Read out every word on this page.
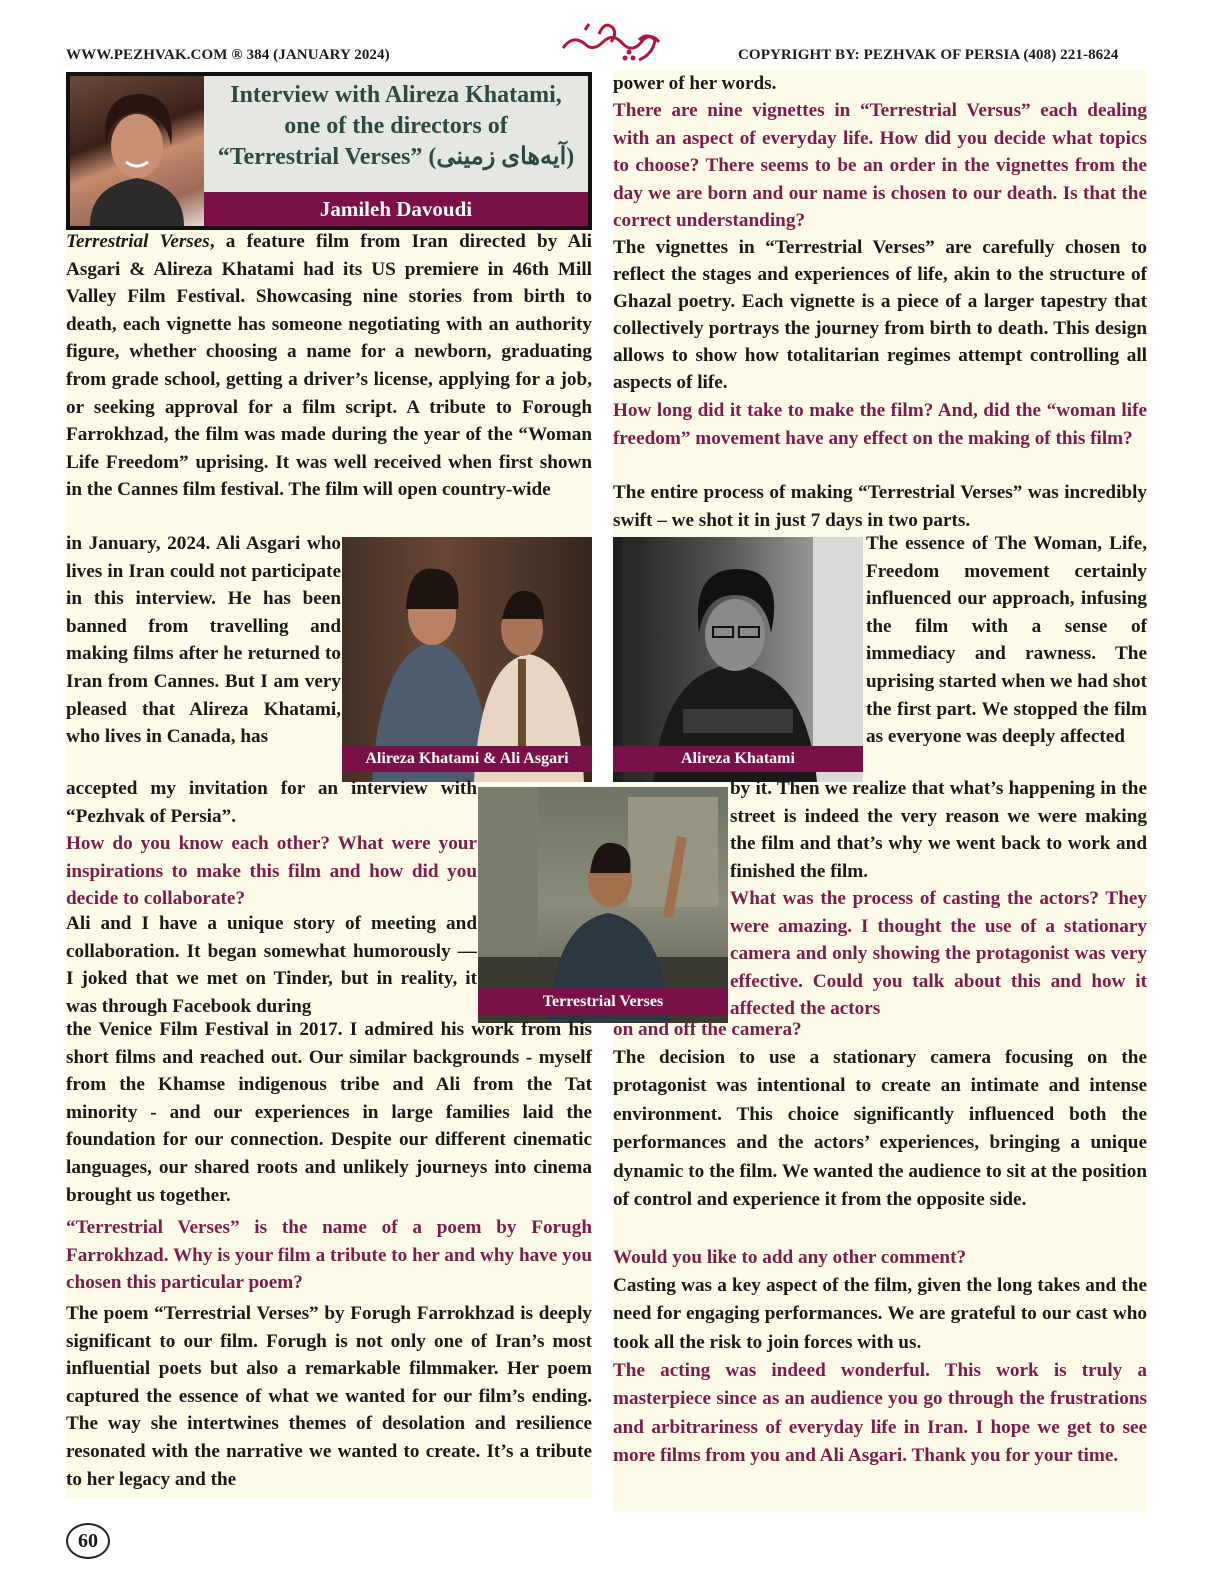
WWW.PEZHVAK.COM ® 384 (JANUARY 2024)	COPYRIGHT BY: PEZHVAK OF PERSIA (408) 221-8624
Interview with Alireza Khatami,
one of the directors of
“Terrestrial Verses” (آیه‌های زمینی)
Jamileh Davoudi

Terrestrial Verses, a feature film from Iran directed by Ali Asgari & Alireza Khatami had its US premiere in 46th Mill Valley Film Festival. Showcasing nine stories from birth to death, each vignette has someone negotiating with an authority figure, whether choosing a name for a newborn, graduating from grade school, getting a driver’s license, applying for a job, or seeking approval for a film script. A tribute to Forough Farrokhzad, the film was made during the year of the “Woman Life Freedom” uprising. It was well received when first shown in the Cannes film festival. The film will open country-wide

in January, 2024. Ali Asgari who lives in Iran could not participate in this interview. He has been banned from travelling and making films after he returned to Iran from Cannes. But I am very pleased that Alireza Khatami, who lives in Canada, has

Alireza Khatami & Ali Asgari

accepted my invitation for an interview with “Pezhvak of Persia”.

How do you know each other? What were your inspirations to make this film and how did you decide to collaborate?

Ali and I have a unique story of meeting and collaboration. It began somewhat humorously — I joked that we met on Tinder, but in reality, it was through Facebook during	Terrestrial Verses

the Venice Film Festival in 2017. I admired his work from his short films and reached out. Our similar backgrounds - myself from the Khamse indigenous tribe and Ali from the Tat minority - and our experiences in large families laid the foundation for our connection. Despite our different cinematic languages, our shared roots and unlikely journeys into cinema brought us together.

“Terrestrial Verses” is the name of a poem by Forugh Farrokhzad. Why is your film a tribute to her and why have you chosen this particular poem?

The poem “Terrestrial Verses” by Forugh Farrokhzad is deeply significant to our film. Forugh is not only one of Iran’s most influential poets but also a remarkable filmmaker. Her poem captured the essence of what we wanted for our film’s ending. The way she intertwines themes of desolation and resilience resonated with the narrative we wanted to create. It’s a tribute to her legacy and the

power of her words.

There are nine vignettes in “Terrestrial Versus” each dealing with an aspect of everyday life. How did you decide what topics to choose? There seems to be an order in the vignettes from the day we are born and our name is chosen to our death. Is that the correct understanding?

The vignettes in “Terrestrial Verses” are carefully chosen to reflect the stages and experiences of life, akin to the structure of Ghazal poetry. Each vignette is a piece of a larger tapestry that collectively portrays the journey from birth to death. This design allows to show how totalitarian regimes attempt controlling all aspects of life.

How long did it take to make the film? And, did the “woman life freedom” movement have any effect on the making of this film?

The entire process of making “Terrestrial Verses” was incredibly swift – we shot it in just 7 days in two parts.

Alireza Khatami

The essence of The Woman, Life, Freedom movement certainly influenced our approach, infusing the film with a sense of immediacy and rawness. The uprising started when we had shot the first part. We stopped the film as everyone was deeply affected

by it. Then we realize that what’s happening in the street is indeed the very reason we were making the film and that’s why we went back to work and finished the film.

What was the process of casting the actors? They were amazing. I thought the use of a stationary camera and only showing the protagonist was very effective. Could you talk about this and how it affected the actors

on and off the camera?

The decision to use a stationary camera focusing on the protagonist was intentional to create an intimate and intense environment. This choice significantly influenced both the performances and the actors’ experiences, bringing a unique dynamic to the film. We wanted the audience to sit at the position of control and experience it from the opposite side.

Would you like to add any other comment?

Casting was a key aspect of the film, given the long takes and the need for engaging performances. We are grateful to our cast who took all the risk to join forces with us.

The acting was indeed wonderful. This work is truly a masterpiece since as an audience you go through the frustrations and arbitrariness of everyday life in Iran. I hope we get to see more films from you and Ali Asgari. Thank you for your time.

60
